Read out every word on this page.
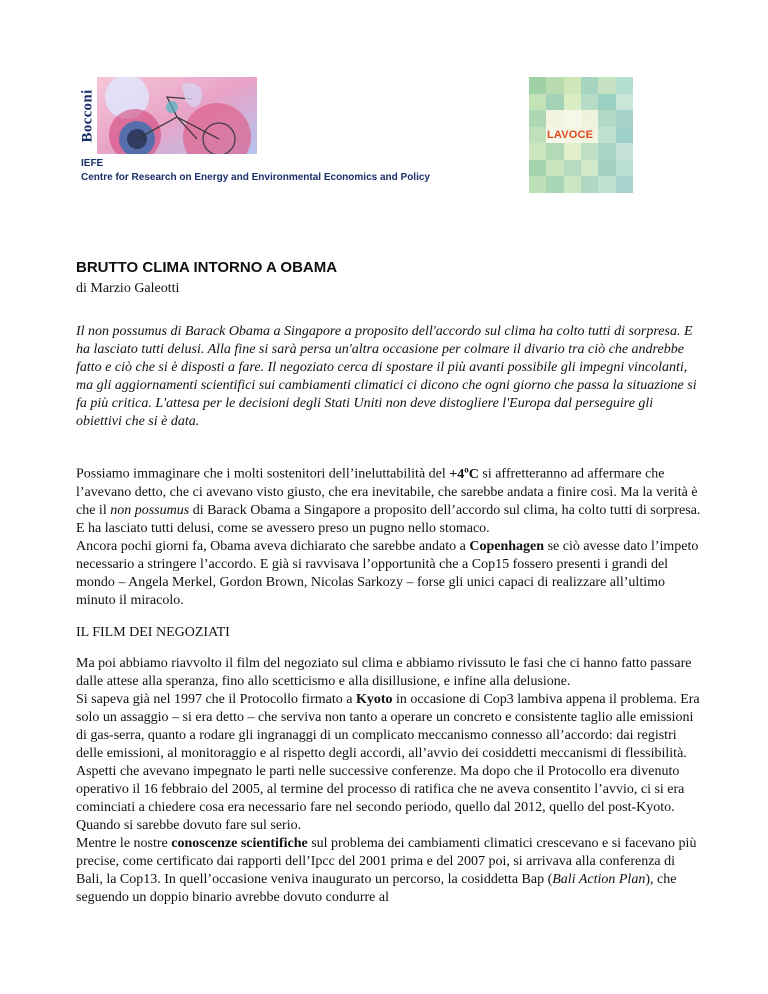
Bocconi
IEFE
Centre for Research on Energy and Environmental Economics and Policy
LAVOCE
BRUTTO CLIMA INTORNO A OBAMA
di Marzio Galeotti

Il non possumus di Barack Obama a Singapore a proposito dell'accordo sul clima ha colto tutti di sorpresa. E ha lasciato tutti delusi. Alla fine si sarà persa un'altra occasione per colmare il divario tra ciò che andrebbe fatto e ciò che si è disposti a fare. Il negoziato cerca di spostare il più avanti possibile gli impegni vincolanti, ma gli aggiornamenti scientifici sui cambiamenti climatici ci dicono che ogni giorno che passa la situazione si fa più critica. L'attesa per le decisioni degli Stati Uniti non deve distogliere l'Europa dal perseguire gli obiettivi che si è data.

Possiamo immaginare che i molti sostenitori dell’ineluttabilità del $+4^oC$ si affretteranno ad affermare che l’avevano detto, che ci avevano visto giusto, che era inevitabile, che sarebbe andata a finire così. Ma la verità è che il non possumus di Barack Obama a Singapore a proposito dell’accordo sul clima, ha colto tutti di sorpresa. E ha lasciato tutti delusi, come se avessero preso un pugno nello stomaco.
Ancora pochi giorni fa, Obama aveva dichiarato che sarebbe andato a Copenhagen se ciò avesse dato l’impeto necessario a stringere l’accordo. E già si ravvisava l’opportunità che a Cop15 fossero presenti i grandi del mondo – Angela Merkel, Gordon Brown, Nicolas Sarkozy – forse gli unici capaci di realizzare all’ultimo minuto il miracolo.

IL FILM DEI NEGOZIATI

Ma poi abbiamo riavvolto il film del negoziato sul clima e abbiamo rivissuto le fasi che ci hanno fatto passare dalle attese alla speranza, fino allo scetticismo e alla disillusione, e infine alla delusione.
Si sapeva già nel 1997 che il Protocollo firmato a Kyoto in occasione di Cop3 lambiva appena il problema. Era solo un assaggio – si era detto – che serviva non tanto a operare un concreto e consistente taglio alle emissioni di gas-serra, quanto a rodare gli ingranaggi di un complicato meccanismo connesso all’accordo: dai registri delle emissioni, al monitoraggio e al rispetto degli accordi, all’avvio dei cosiddetti meccanismi di flessibilità. Aspetti che avevano impegnato le parti nelle successive conferenze. Ma dopo che il Protocollo era divenuto operativo il 16 febbraio del 2005, al termine del processo di ratifica che ne aveva consentito l’avvio, ci si era cominciati a chiedere cosa era necessario fare nel secondo periodo, quello dal 2012, quello del post-Kyoto. Quando si sarebbe dovuto fare sul serio.
Mentre le nostre conoscenze scientifiche sul problema dei cambiamenti climatici crescevano e si facevano più precise, come certificato dai rapporti dell’Ipcc del 2001 prima e del 2007 poi, si arrivava alla conferenza di Bali, la Cop13. In quell’occasione veniva inaugurato un percorso, la cosiddetta Bap (Bali Action Plan), che seguendo un doppio binario avrebbe dovuto condurre al
